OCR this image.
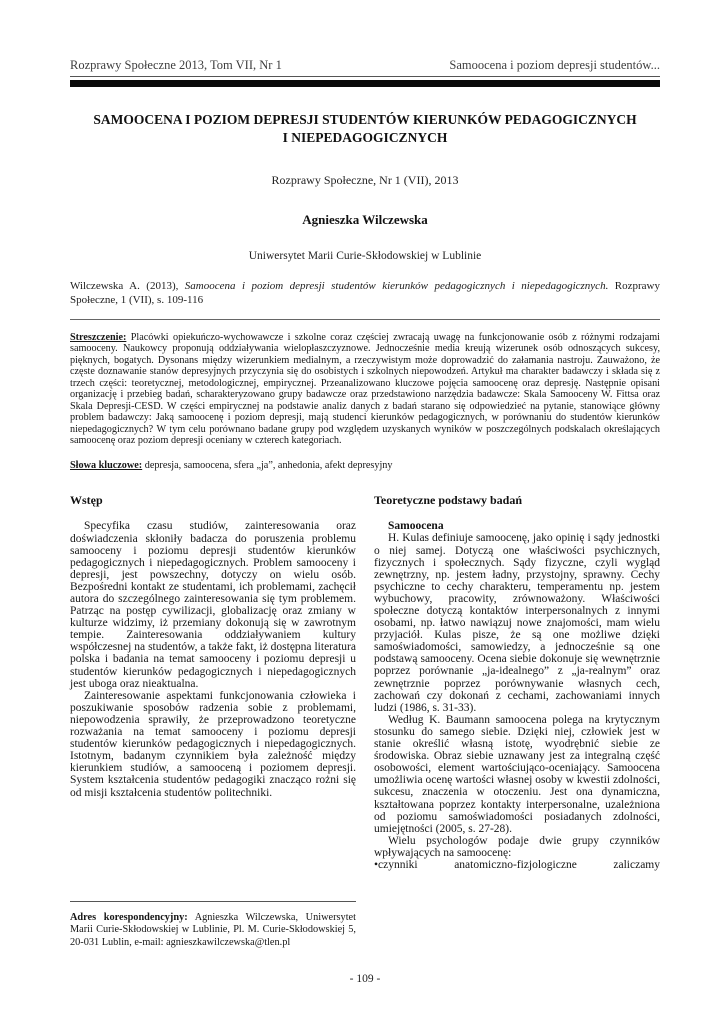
Rozprawy Społeczne 2013, Tom VII, Nr 1	Samoocena i poziom depresji studentów...
SAMOOCENA I POZIOM DEPRESJI STUDENTÓW KIERUNKÓW PEDAGOGICZNYCH
I NIEPEDAGOGICZNYCH
Rozprawy Społeczne, Nr 1 (VII), 2013
Agnieszka Wilczewska
Uniwersytet Marii Curie-Skłodowskiej w Lublinie

Wilczewska A. (2013), Samoocena i poziom depresji studentów kierunków pedagogicznych i niepedagogicznych. Rozprawy Społeczne, 1 (VII), s. 109-116

Streszczenie: Placówki opiekuńczo-wychowawcze i szkolne coraz częściej zwracają uwagę na funkcjonowanie osób z różnymi rodzajami samooceny. Naukowcy proponują oddziaływania wielopłaszczyznowe. Jednocześnie media kreują wizerunek osób odnoszących sukcesy, pięknych, bogatych. Dysonans między wizerunkiem medialnym, a rzeczywistym może doprowadzić do załamania nastroju. Zauważono, że częste doznawanie stanów depresyjnych przyczynia się do osobistych i szkolnych niepowodzeń. Artykuł ma charakter badawczy i składa się z trzech części: teoretycznej, metodologicznej, empirycznej. Przeanalizowano kluczowe pojęcia samoocenę oraz depresję. Następnie opisani organizację i przebieg badań, scharakteryzowano grupy badawcze oraz przedstawiono narzędzia badawcze: Skala Samooceny W. Fittsa oraz Skala Depresji-CESD. W części empirycznej na podstawie analiz danych z badań starano się odpowiedzieć na pytanie, stanowiące główny problem badawczy: Jaką samoocenę i poziom depresji, mają studenci kierunków pedagogicznych, w porównaniu do studentów kierunków niepedagogicznych? W tym celu porównano badane grupy pod względem uzyskanych wyników w poszczególnych podskalach określających samoocenę oraz poziom depresji oceniany w czterech kategoriach.

Słowa kluczowe: depresja, samoocena, sfera „ja”, anhedonia, afekt depresyjny

Wstęp

Specyfika czasu studiów, zainteresowania oraz doświadczenia skłoniły badacza do poruszenia problemu samooceny i poziomu depresji studentów kierunków pedagogicznych i niepedagogicznych. Problem samooceny i depresji, jest powszechny, dotyczy on wielu osób. Bezpośredni kontakt ze studentami, ich problemami, zachęcił autora do szczególnego zainteresowania się tym problemem. Patrząc na postęp cywilizacji, globalizację oraz zmiany w kulturze widzimy, iż przemiany dokonują się w zawrotnym tempie. Zainteresowania oddziaływaniem kultury współczesnej na studentów, a także fakt, iż dostępna literatura polska i badania na temat samooceny i poziomu depresji u studentów kierunków pedagogicznych i niepedagogicznych jest uboga oraz nieaktualna.

Zainteresowanie aspektami funkcjonowania człowieka i poszukiwanie sposobów radzenia sobie z problemami, niepowodzenia sprawiły, że przeprowadzono teoretyczne rozważania na temat samooceny i poziomu depresji studentów kierunków pedagogicznych i niepedagogicznych. Istotnym, badanym czynnikiem była zależność między kierunkiem studiów, a samooceną i poziomem depresji. System kształcenia studentów pedagogiki znacząco rożni się od misji kształcenia studentów politechniki.

Adres korespondencyjny: Agnieszka Wilczewska, Uniwersytet Marii Curie-Skłodowskiej w Lublinie, Pl. M. Curie-Skłodowskiej 5, 20-031 Lublin, e-mail: agnieszkawilczewska@tlen.pl

Teoretyczne podstawy badań
Samoocena

H. Kulas definiuje samoocenę, jako opinię i sądy jednostki o niej samej. Dotyczą one właściwości psychicznych, fizycznych i społecznych. Sądy fizyczne, czyli wygląd zewnętrzny, np. jestem ładny, przystojny, sprawny. Cechy psychiczne to cechy charakteru, temperamentu np. jestem wybuchowy, pracowity, zrównoważony. Właściwości społeczne dotyczą kontaktów interpersonalnych z innymi osobami, np. łatwo nawiązuj nowe znajomości, mam wielu przyjaciół. Kulas pisze, że są one możliwe dzięki samoświadomości, samowiedzy, a jednocześnie są one podstawą samooceny. Ocena siebie dokonuje się wewnętrznie poprzez porównanie „ja-idealnego” z „ja-realnym” oraz zewnętrznie poprzez porównywanie własnych cech, zachowań czy dokonań z cechami, zachowaniami innych ludzi (1986, s. 31-33).

Według K. Baumann samoocena polega na krytycznym stosunku do samego siebie. Dzięki niej, człowiek jest w stanie określić własną istotę, wyodrębnić siebie ze środowiska. Obraz siebie uznawany jest za integralną część osobowości, element wartościująco-oceniający. Samoocena umożliwia ocenę wartości własnej osoby w kwestii zdolności, sukcesu, znaczenia w otoczeniu. Jest ona dynamiczna, kształtowana poprzez kontakty interpersonalne, uzależniona od poziomu samoświadomości posiadanych zdolności, umiejętności (2005, s. 27-28).

Wielu psychologów podaje dwie grupy czynników wpływających na samoocenę:

•czynniki anatomiczno-fizjologiczne zaliczamy

- 109 -
